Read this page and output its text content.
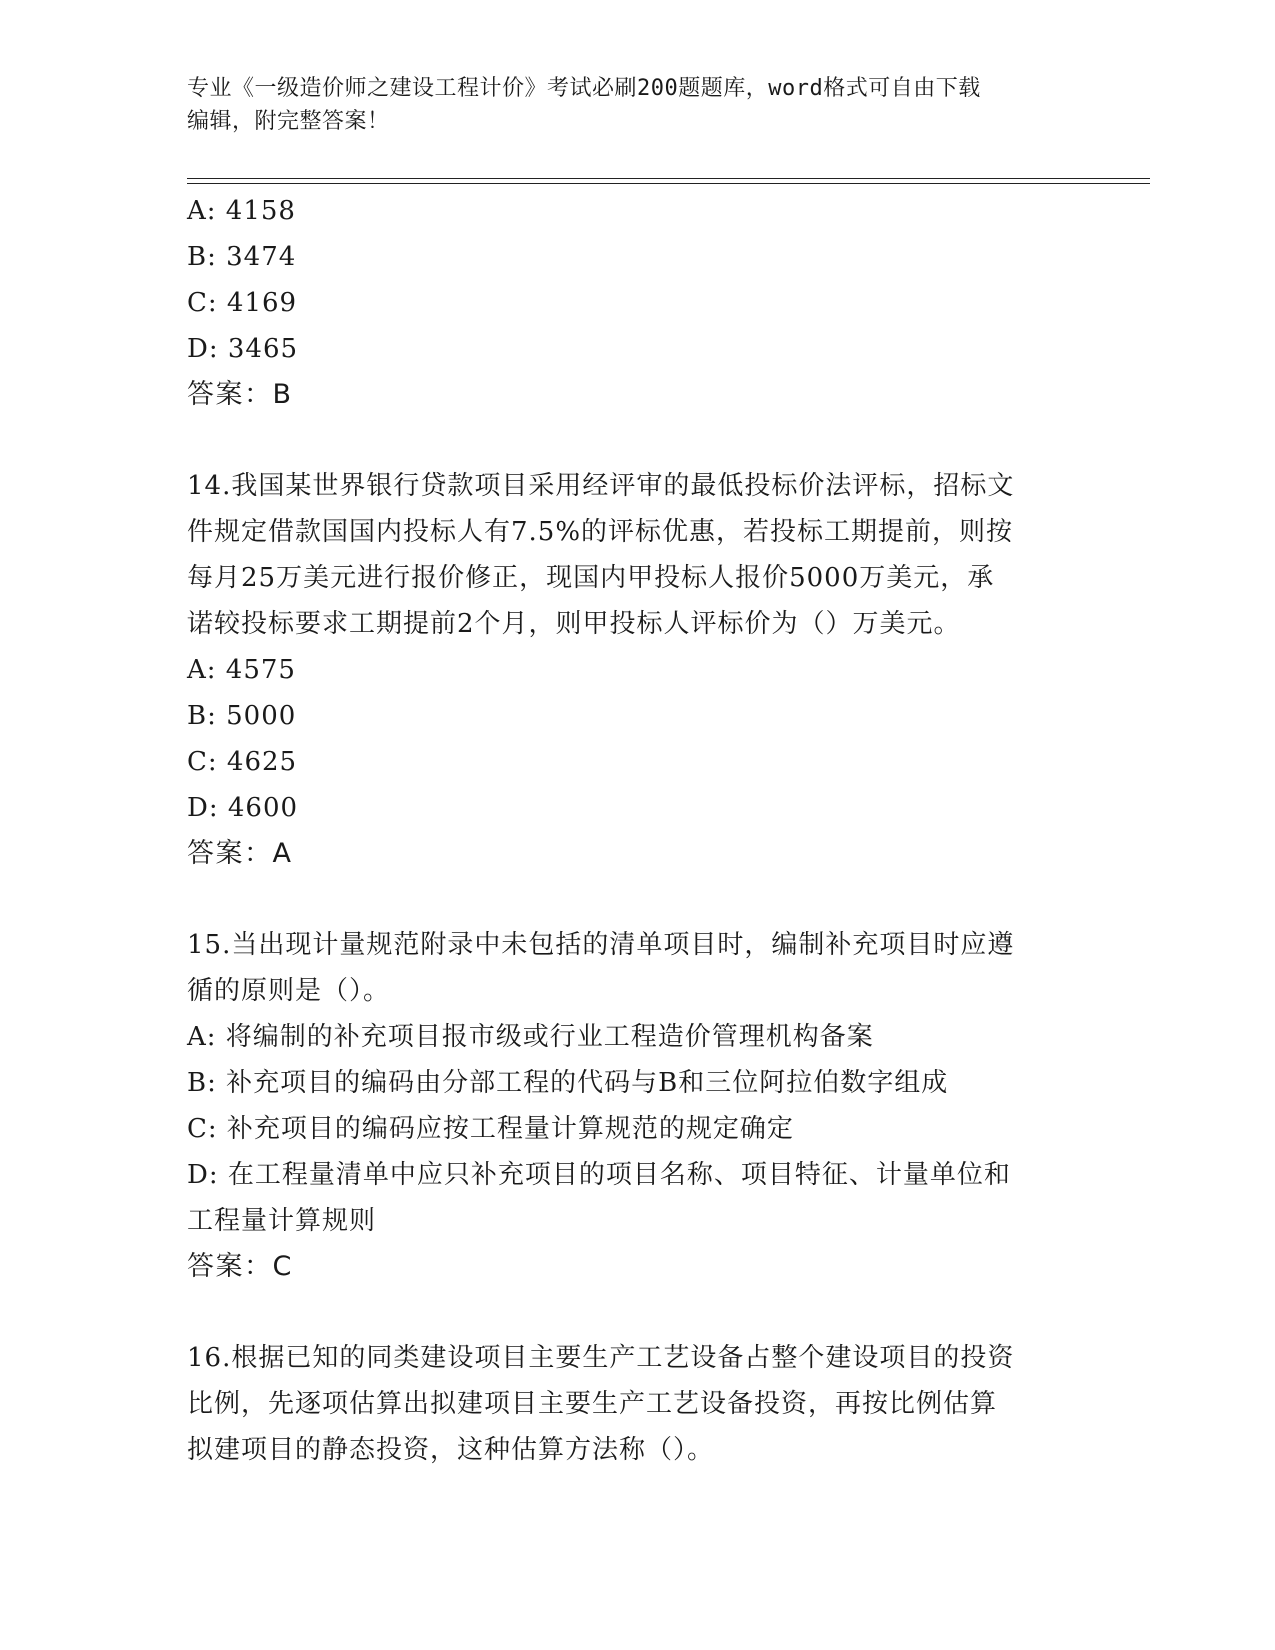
专业《一级造价师之建设工程计价》考试必刷200题题库，word格式可自由下载
编辑，附完整答案！
A: 4158
B: 3474
C: 4169
D: 3465
答案：B
14.我国某世界银行贷款项目采用经评审的最低投标价法评标，招标文
件规定借款国国内投标人有7.5%的评标优惠，若投标工期提前，则按
每月25万美元进行报价修正，现国内甲投标人报价5000万美元，承
诺较投标要求工期提前2个月，则甲投标人评标价为（）万美元。
A: 4575
B: 5000
C: 4625
D: 4600
答案：A
15.当出现计量规范附录中未包括的清单项目时，编制补充项目时应遵
循的原则是（）。
A: 将编制的补充项目报市级或行业工程造价管理机构备案
B: 补充项目的编码由分部工程的代码与B和三位阿拉伯数字组成
C: 补充项目的编码应按工程量计算规范的规定确定
D: 在工程量清单中应只补充项目的项目名称、项目特征、计量单位和
工程量计算规则
答案：C
16.根据已知的同类建设项目主要生产工艺设备占整个建设项目的投资
比例，先逐项估算出拟建项目主要生产工艺设备投资，再按比例估算
拟建项目的静态投资，这种估算方法称（）。
